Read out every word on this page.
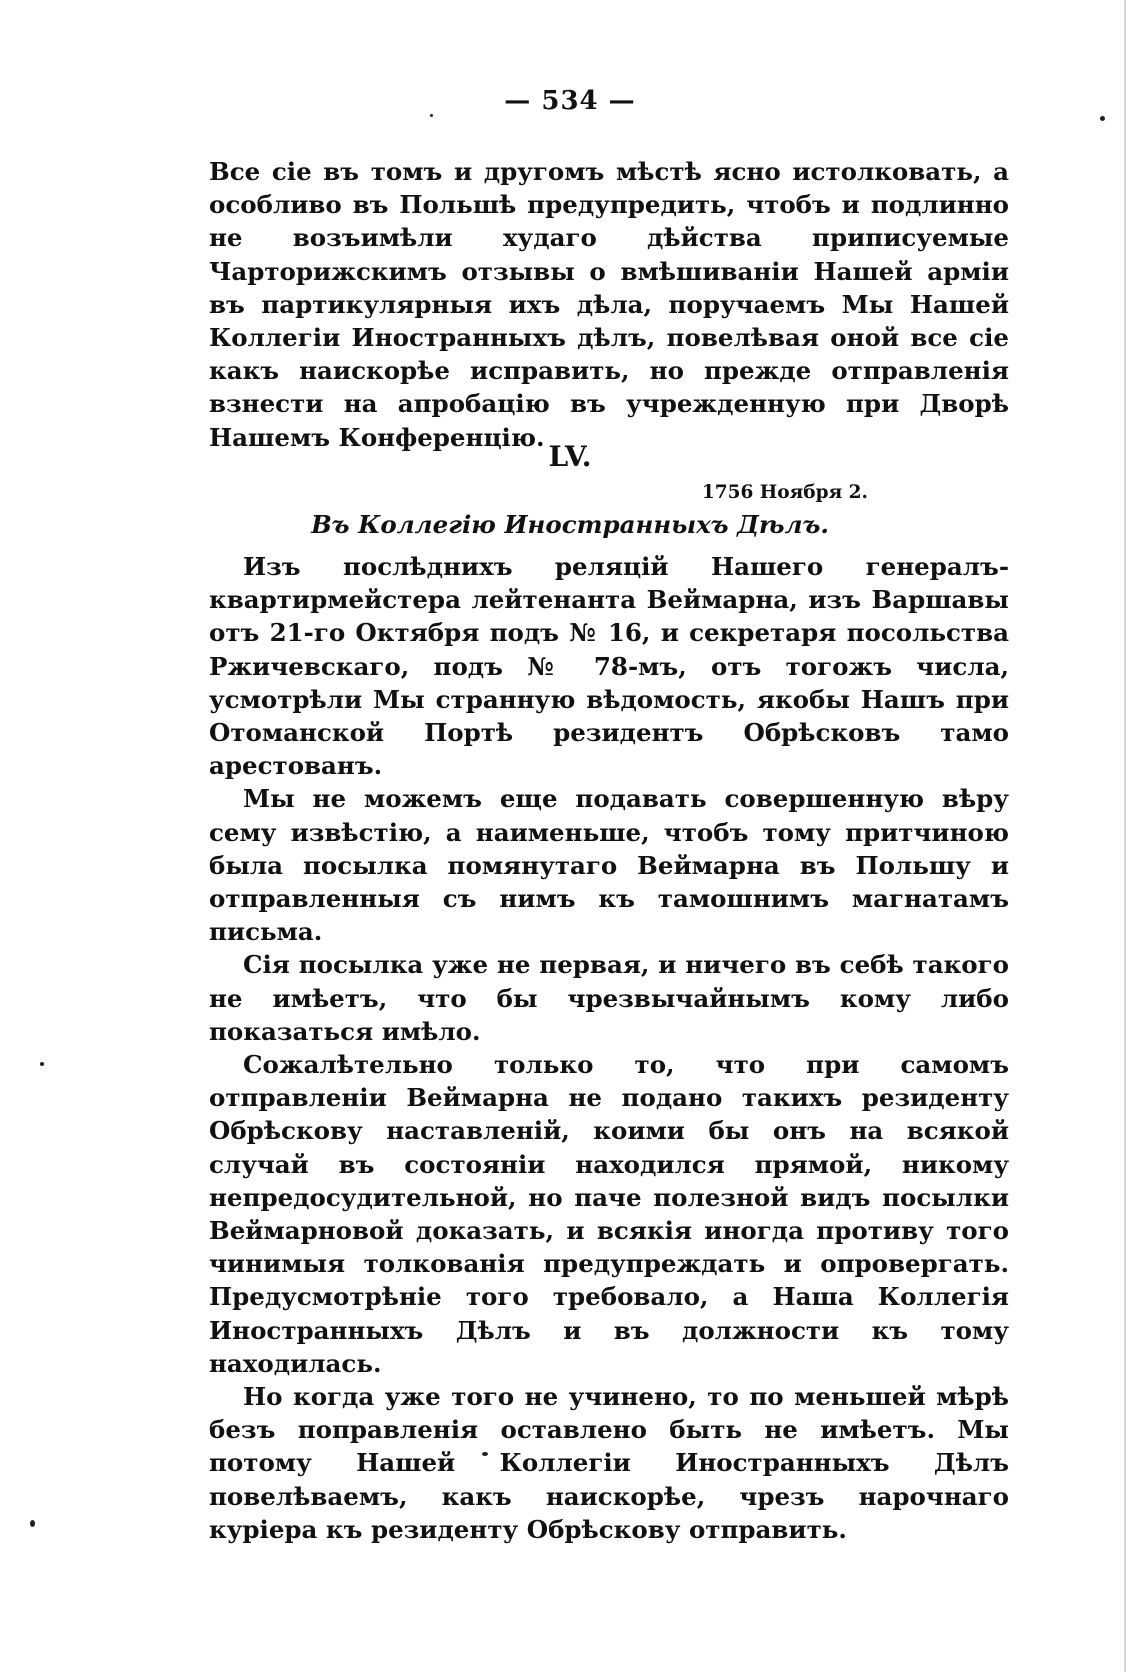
— 534 —

Все сіе въ томъ и другомъ мѣстѣ ясно истолковать, а особливо въ Польшѣ предупредить, чтобъ и подлинно не возъимѣли худаго дѣйства приписуемые Чарторижскимъ отзывы о вмѣшиваніи Нашей арміи въ партикулярныя ихъ дѣла, поручаемъ Мы Нашей Коллегіи Иностранныхъ дѣлъ, повелѣвая оной все сіе какъ наискорѣе исправить, но прежде отправленія взнести на апробацію въ учрежденную при Дворѣ Нашемъ Конференцію.

LV.
1756 Ноября 2.
Въ Коллегію Иностранныхъ Дѣлъ.

Изъ послѣднихъ реляцій Нашего генералъ-квартирмейстера лейтенанта Веймарна, изъ Варшавы отъ 21-го Октября подъ № 16, и секретаря посольства Ржичевскаго, подъ № 78-мъ, отъ тогожъ числа, усмотрѣли Мы странную вѣдомость, якобы Нашъ при Отоманской Портѣ резидентъ Обрѣсковъ тамо арестованъ.

Мы не можемъ еще подавать совершенную вѣру сему извѣстію, а наименьше, чтобъ тому притчиною была посылка помянутаго Веймарна въ Польшу и отправленныя съ нимъ къ тамошнимъ магнатамъ письма.

Сія посылка уже не первая, и ничего въ себѣ такого не имѣетъ, что бы чрезвычайнымъ кому либо показаться имѣло.

Сожалѣтельно только то, что при самомъ отправленіи Веймарна не подано такихъ резиденту Обрѣскову наставленій, коими бы онъ на всякой случай въ состояніи находился прямой, никому непредосудительной, но паче полезной видъ посылки Веймарновой доказать, и всякія иногда противу того чинимыя толкованія предупреждать и опровергать. Предусмотрѣніе того требовало, а Наша Коллегія Иностранныхъ Дѣлъ и въ должности къ тому находилась.

Но когда уже того не учинено, то по меньшей мѣрѣ безъ поправленія оставлено быть не имѣетъ. Мы потому Нашей Коллегіи Иностранныхъ Дѣлъ повелѣваемъ, какъ наискорѣе, чрезъ нарочнаго куріера къ резиденту Обрѣскову отправить.
